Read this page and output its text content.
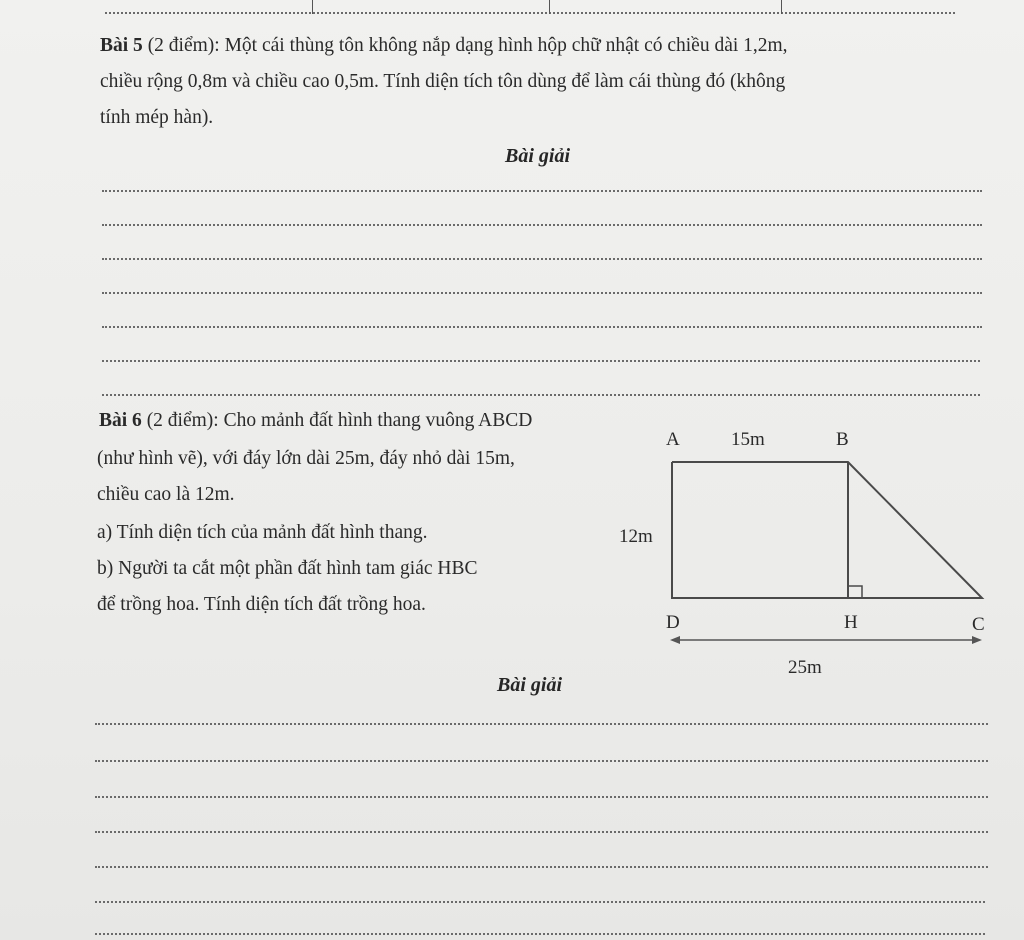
Bài 5 (2 điểm): Một cái thùng tôn không nắp dạng hình hộp chữ nhật có chiều dài 1,2m,
chiều rộng 0,8m và chiều cao 0,5m. Tính diện tích tôn dùng để làm cái thùng đó (không
tính mép hàn).
Bài giải
Bài 6 (2 điểm): Cho mảnh đất hình thang vuông ABCD
(như hình vẽ), với đáy lớn dài 25m, đáy nhỏ dài 15m,
chiều cao là 12m.
a) Tính diện tích của mảnh đất hình thang.
b) Người ta cắt một phần đất hình tam giác HBC
để trồng hoa. Tính diện tích đất trồng hoa.
A	15m	B
12m
D	H	C
25m
Bài giải
